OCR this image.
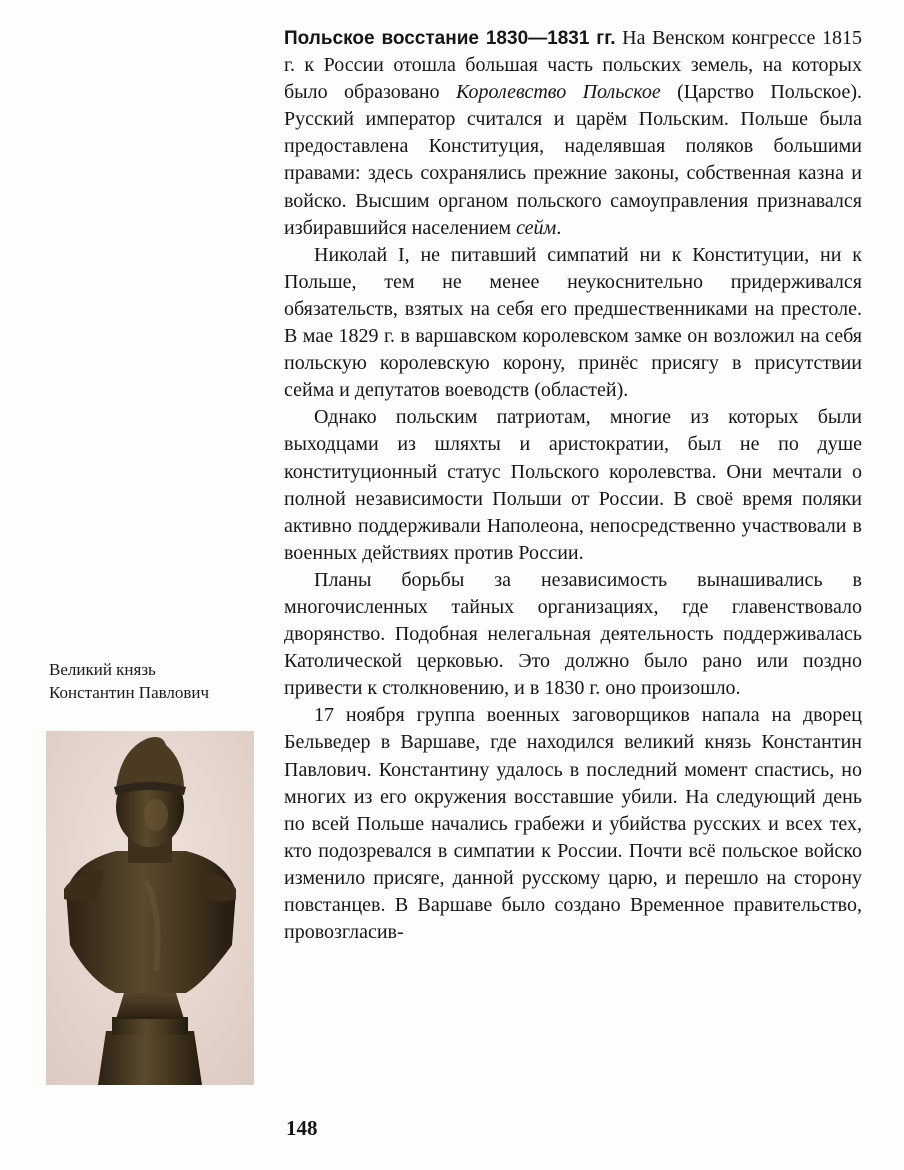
Великий князь
Константин Павлович

Польское восстание 1830—1831 гг. На Венском конгрессе 1815 г. к России отошла большая часть польских земель, на которых было образовано Королевство Польское (Царство Польское). Русский император считался и царём Польским. Польше была предоставлена Конституция, наделявшая поляков большими правами: здесь сохранялись прежние законы, собственная казна и войско. Высшим органом польского самоуправления признавался избиравшийся населением сейм.

Николай I, не питавший симпатий ни к Конституции, ни к Польше, тем не менее неукоснительно придерживался обязательств, взятых на себя его предшественниками на престоле. В мае 1829 г. в варшавском королевском замке он возложил на себя польскую королевскую корону, принёс присягу в присутствии сейма и депутатов воеводств (областей).

Однако польским патриотам, многие из которых были выходцами из шляхты и аристократии, был не по душе конституционный статус Польского королевства. Они мечтали о полной независимости Польши от России. В своё время поляки активно поддерживали Наполеона, непосредственно участвовали в военных действиях против России.

Планы борьбы за независимость вынашивались в многочисленных тайных организациях, где главенствовало дворянство. Подобная нелегальная деятельность поддерживалась Католической церковью. Это должно было рано или поздно привести к столкновению, и в 1830 г. оно произошло.

17 ноября группа военных заговорщиков напала на дворец Бельведер в Варшаве, где находился великий князь Константин Павлович. Константину удалось в последний момент спастись, но многих из его окружения восставшие убили. На следующий день по всей Польше начались грабежи и убийства русских и всех тех, кто подозревался в симпатии к России. Почти всё польское войско изменило присяге, данной русскому царю, и перешло на сторону повстанцев. В Варшаве было создано Временное правительство, провозгласив-

148
